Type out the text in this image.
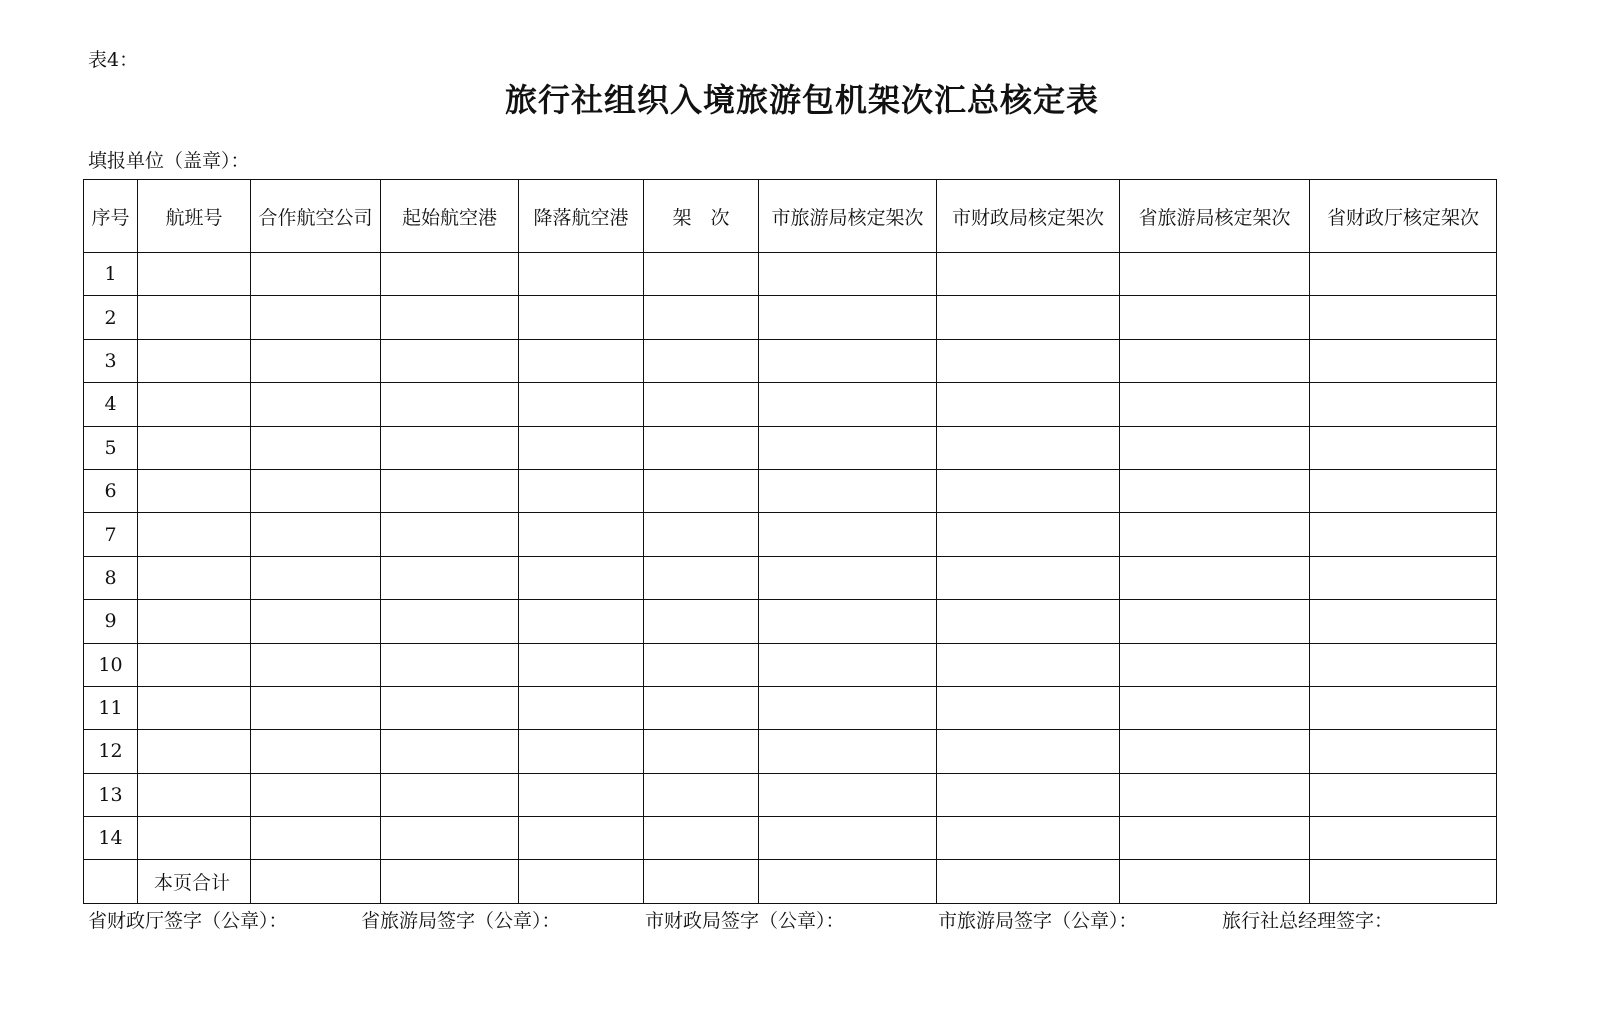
表4：
旅行社组织入境旅游包机架次汇总核定表
填报单位（盖章）：
序号	航班号	合作航空公司	起始航空港	降落航空港	架　次	市旅游局核定架次	市财政局核定架次	省旅游局核定架次	省财政厅核定架次
1									
2									
3									
4									
5									
6									
7									
8									
9									
10									
11									
12									
13									
14									
	本页合计								
省财政厅签字（公章）：	省旅游局签字（公章）：	市财政局签字（公章）：	市旅游局签字（公章）：	旅行社总经理签字：
